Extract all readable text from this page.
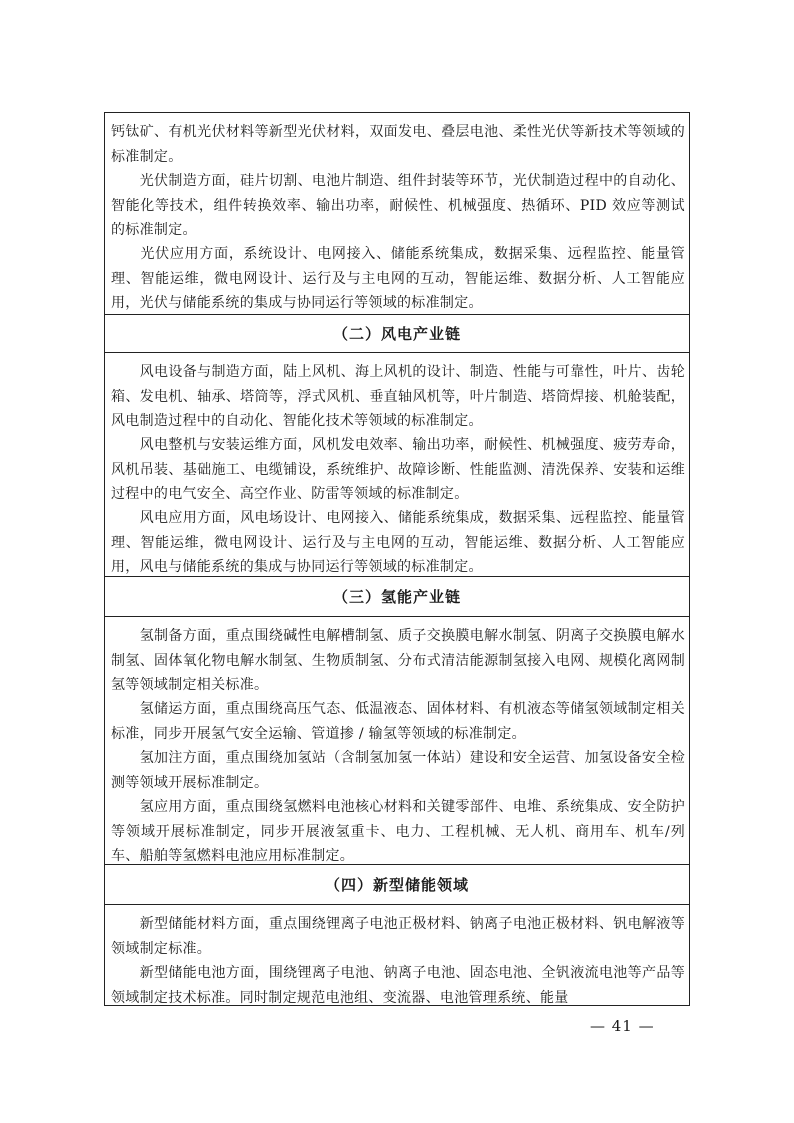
钙钛矿、有机光伏材料等新型光伏材料，双面发电、叠层电池、柔性光伏等新技术等领域的标准制定。
　　光伏制造方面，硅片切割、电池片制造、组件封装等环节，光伏制造过程中的自动化、智能化等技术，组件转换效率、输出功率，耐候性、机械强度、热循环、PID 效应等测试的标准制定。
　　光伏应用方面，系统设计、电网接入、储能系统集成，数据采集、远程监控、能量管理、智能运维，微电网设计、运行及与主电网的互动，智能运维、数据分析、人工智能应用，光伏与储能系统的集成与协同运行等领域的标准制定。
（二）风电产业链
　　风电设备与制造方面，陆上风机、海上风机的设计、制造、性能与可靠性，叶片、齿轮箱、发电机、轴承、塔筒等，浮式风机、垂直轴风机等，叶片制造、塔筒焊接、机舱装配，风电制造过程中的自动化、智能化技术等领域的标准制定。
　　风电整机与安装运维方面，风机发电效率、输出功率，耐候性、机械强度、疲劳寿命，风机吊装、基础施工、电缆铺设，系统维护、故障诊断、性能监测、清洗保养、安装和运维过程中的电气安全、高空作业、防雷等领域的标准制定。
　　风电应用方面，风电场设计、电网接入、储能系统集成，数据采集、远程监控、能量管理、智能运维，微电网设计、运行及与主电网的互动，智能运维、数据分析、人工智能应用，风电与储能系统的集成与协同运行等领域的标准制定。
（三）氢能产业链
　　氢制备方面，重点围绕碱性电解槽制氢、质子交换膜电解水制氢、阴离子交换膜电解水制氢、固体氧化物电解水制氢、生物质制氢、分布式清洁能源制氢接入电网、规模化离网制氢等领域制定相关标准。
　　氢储运方面，重点围绕高压气态、低温液态、固体材料、有机液态等储氢领域制定相关标准，同步开展氢气安全运输、管道掺 / 输氢等领域的标准制定。
　　氢加注方面，重点围绕加氢站（含制氢加氢一体站）建设和安全运营、加氢设备安全检测等领域开展标准制定。
　　氢应用方面，重点围绕氢燃料电池核心材料和关键零部件、电堆、系统集成、安全防护等领域开展标准制定，同步开展液氢重卡、电力、工程机械、无人机、商用车、机车/列车、船舶等氢燃料电池应用标准制定。
（四）新型储能领域
　　新型储能材料方面，重点围绕锂离子电池正极材料、钠离子电池正极材料、钒电解液等领域制定标准。
　　新型储能电池方面，围绕锂离子电池、钠离子电池、固态电池、全钒液流电池等产品等领域制定技术标准。同时制定规范电池组、变流器、电池管理系统、能量
— 41 —
